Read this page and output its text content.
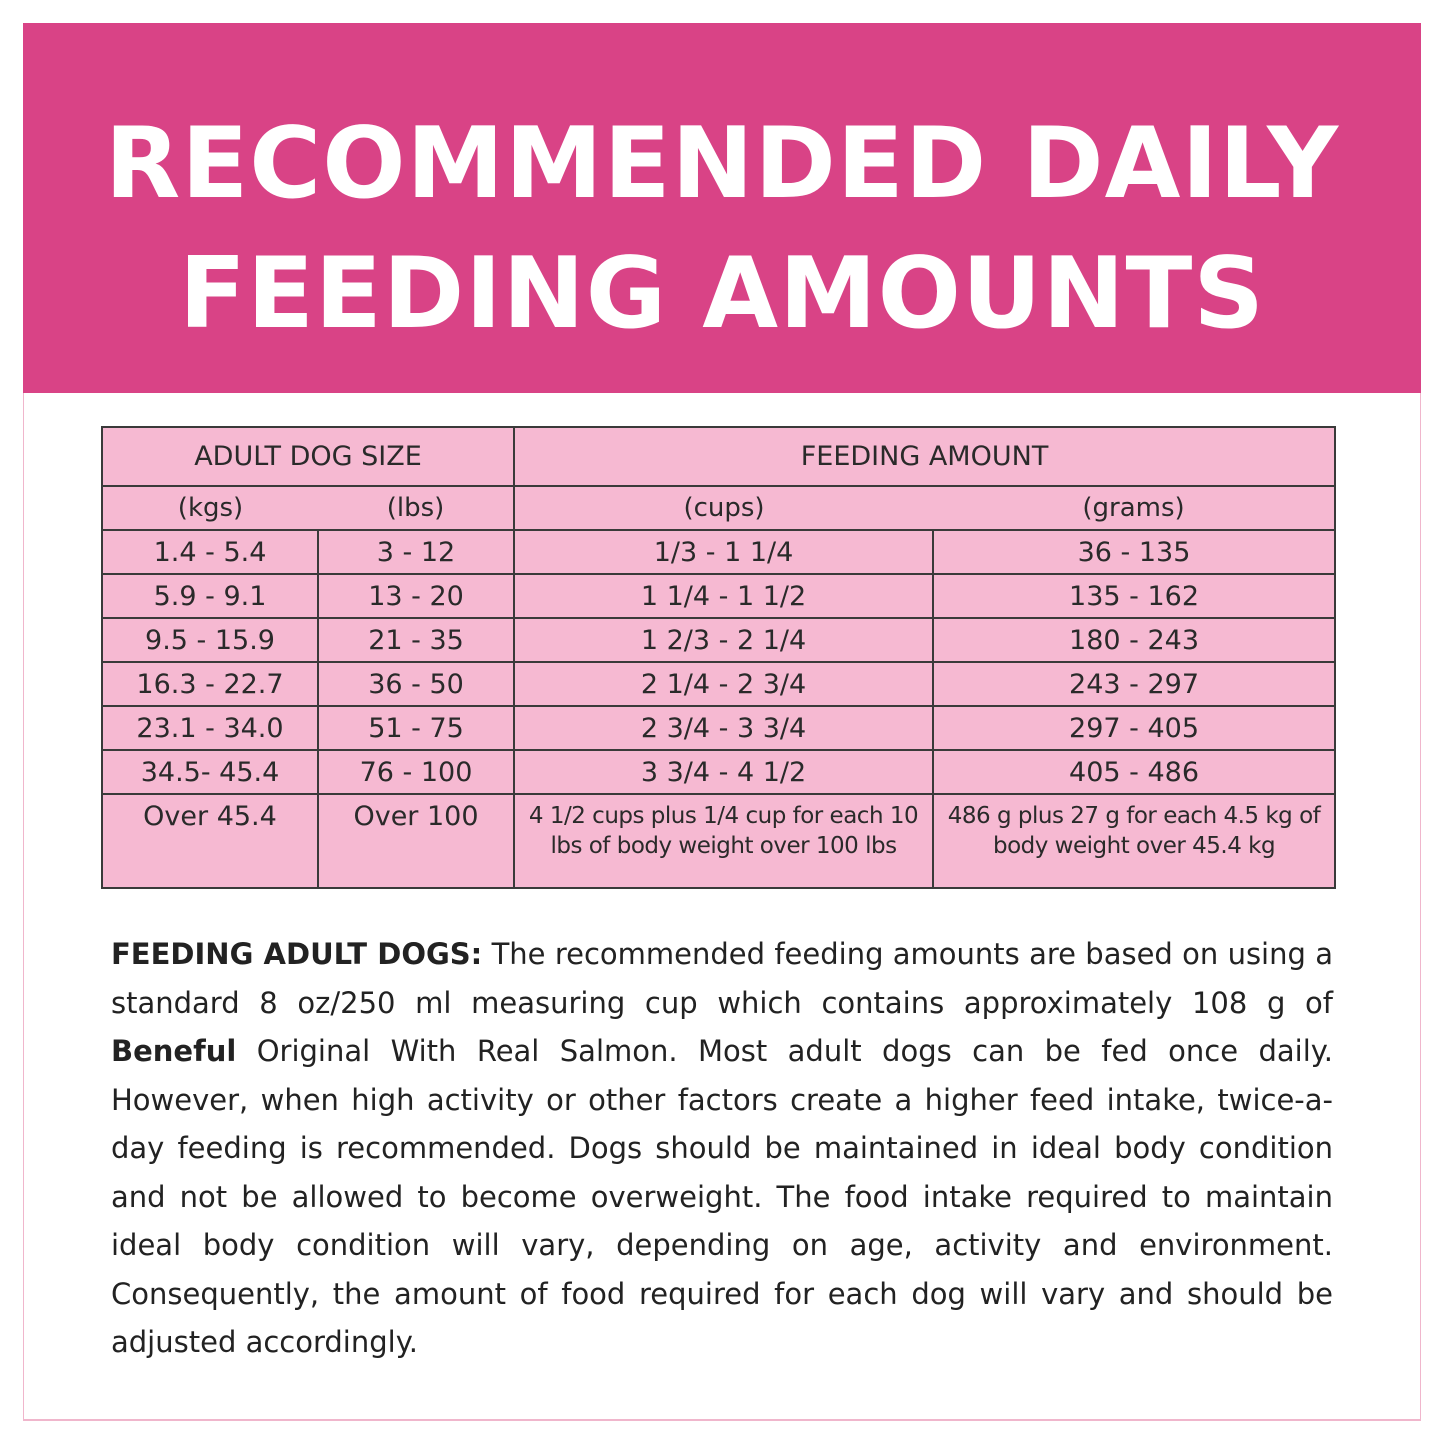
RECOMMENDED DAILY
FEEDING AMOUNTS
ADULT DOG SIZE		FEEDING AMOUNT	
(kgs)	(lbs)	(cups)	(grams)
1.4 - 5.4	3 - 12	1/3 - 1 1/4	36 - 135
5.9 - 9.1	13 - 20	1 1/4 - 1 1/2	135 - 162
9.5 - 15.9	21 - 35	1 2/3 - 2 1/4	180 - 243
16.3 - 22.7	36 - 50	2 1/4 - 2 3/4	243 - 297
23.1 - 34.0	51 - 75	2 3/4 - 3 3/4	297 - 405
34.5- 45.4	76 - 100	3 3/4 - 4 1/2	405 - 486
Over 45.4	Over 100	4 1/2 cups plus 1/4 cup for each 10 lbs of body weight over 100 lbs	486 g plus 27 g for each 4.5 kg of body weight over 45.4 kg
FEEDING ADULT DOGS: The recommended feeding amounts are based on using a standard 8 oz/250 ml measuring cup which contains approximately 108 g of Beneful Original With Real Salmon. Most adult dogs can be fed once daily. However, when high activity or other factors create a higher feed intake, twice-a-day feeding is recommended. Dogs should be maintained in ideal body condition and not be allowed to become overweight. The food intake required to maintain ideal body condition will vary, depending on age, activity and environment. Consequently, the amount of food required for each dog will vary and should be adjusted accordingly.
